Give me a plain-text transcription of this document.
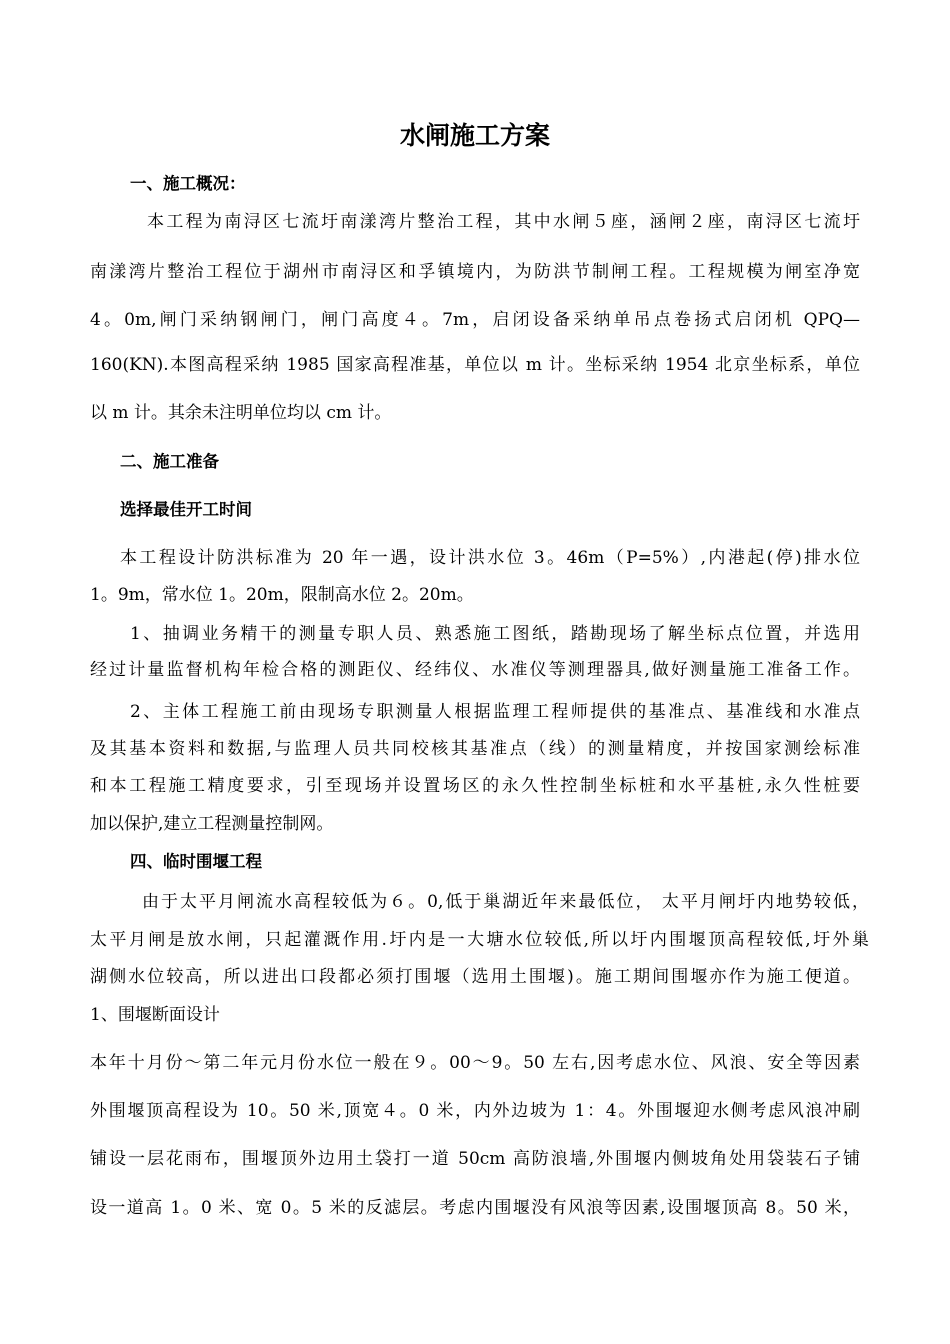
水闸施工方案
一、施工概况：
本工程为南浔区七流圩南漾湾片整治工程，其中水闸５座，涵闸２座，南浔区七流圩
南漾湾片整治工程位于湖州市南浔区和孚镇境内，为防洪节制闸工程。工程规模为闸室净宽
4。0m,闸门采纳钢闸门，闸门高度４。7m，启闭设备采纳单吊点卷扬式启闭机 QPQ—
160(KN).本图高程采纳 1985 国家高程准基，单位以 m 计。坐标采纳 1954 北京坐标系，单位
以 m 计。其余未注明单位均以 cm 计。
二、施工准备
选择最佳开工时间
本工程设计防洪标准为 20 年一遇，设计洪水位 3。46m（P=5%）,内港起(停)排水位
1。9m，常水位 1。20m，限制高水位 2。20m。
1、抽调业务精干的测量专职人员、熟悉施工图纸，踏勘现场了解坐标点位置，并选用
经过计量监督机构年检合格的测距仪、经纬仪、水准仪等测理器具,做好测量施工准备工作。
2、主体工程施工前由现场专职测量人根据监理工程师提供的基准点、基准线和水准点
及其基本资料和数据,与监理人员共同校核其基准点（线）的测量精度，并按国家测绘标准
和本工程施工精度要求，引至现场并设置场区的永久性控制坐标桩和水平基桩,永久性桩要
加以保护,建立工程测量控制网。
四、临时围堰工程
由于太平月闸流水高程较低为６。0,低于巢湖近年来最低位， 太平月闸圩内地势较低，
太平月闸是放水闸，只起灌溉作用.圩内是一大塘水位较低,所以圩内围堰顶高程较低,圩外巢
湖侧水位较高，所以进出口段都必须打围堰（选用土围堰)。施工期间围堰亦作为施工便道。
1、围堰断面设计
本年十月份～第二年元月份水位一般在９。00～9。50 左右,因考虑水位、风浪、安全等因素
外围堰顶高程设为 10。50 米,顶宽４。0 米，内外边坡为 1：4。外围堰迎水侧考虑风浪冲刷
铺设一层花雨布，围堰顶外边用土袋打一道 50cm 高防浪墙,外围堰内侧坡角处用袋装石子铺
设一道高 1。0 米、宽 0。5 米的反滤层。考虑内围堰没有风浪等因素,设围堰顶高 8。50 米，
